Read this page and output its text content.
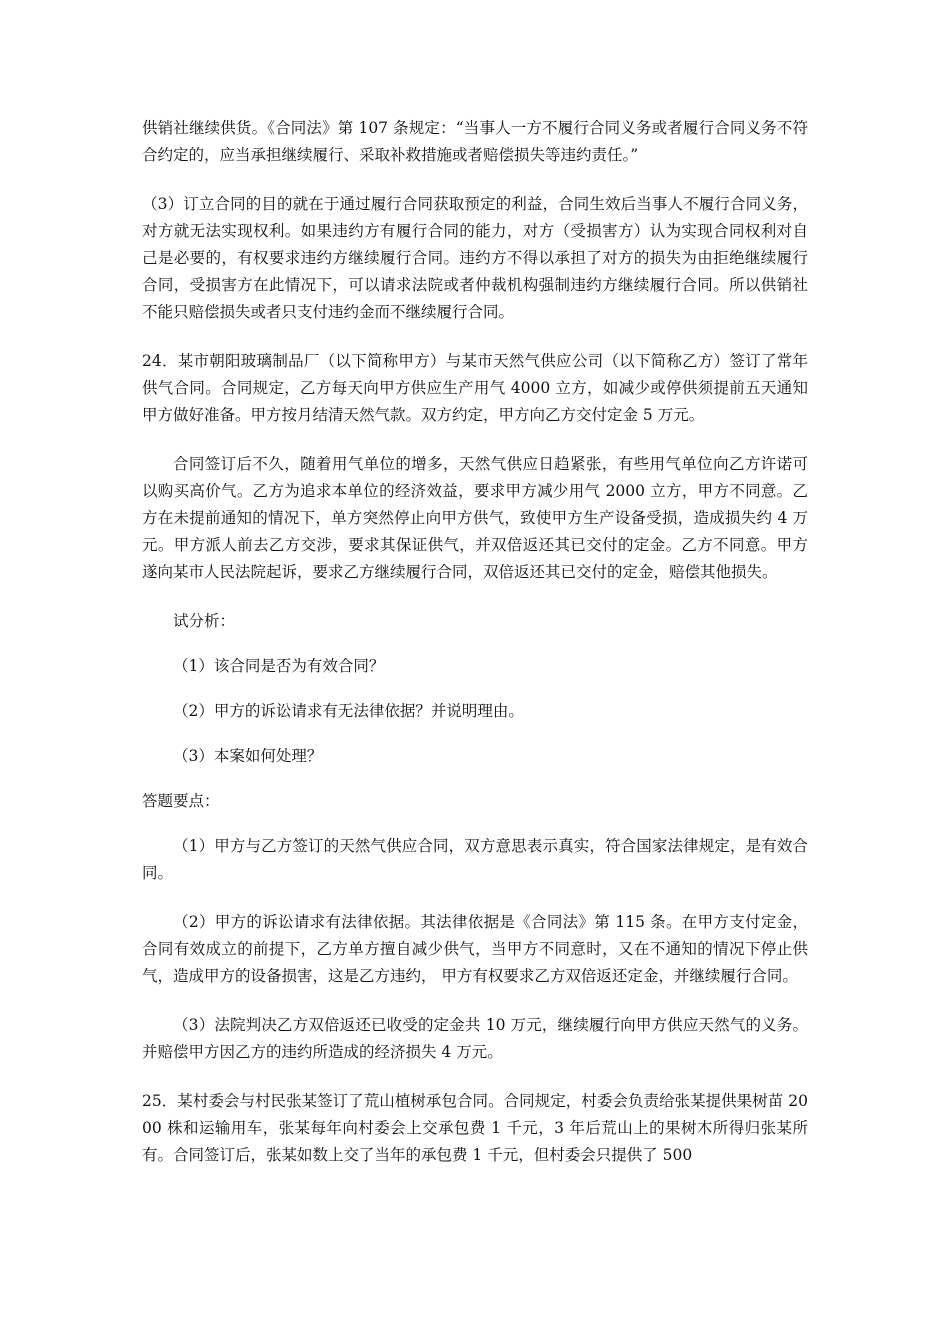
供销社继续供货。《合同法》第 107 条规定：“当事人一方不履行合同义务或者履行合同义务不符合约定的，应当承担继续履行、采取补救措施或者赔偿损失等违约责任。”

（3）订立合同的目的就在于通过履行合同获取预定的利益，合同生效后当事人不履行合同义务，对方就无法实现权利。如果违约方有履行合同的能力，对方（受损害方）认为实现合同权利对自己是必要的，有权要求违约方继续履行合同。违约方不得以承担了对方的损失为由拒绝继续履行合同，受损害方在此情况下，可以请求法院或者仲裁机构强制违约方继续履行合同。所以供销社不能只赔偿损失或者只支付违约金而不继续履行合同。

24．某市朝阳玻璃制品厂（以下简称甲方）与某市天然气供应公司（以下简称乙方）签订了常年供气合同。合同规定，乙方每天向甲方供应生产用气 4000 立方，如减少或停供须提前五天通知甲方做好准备。甲方按月结清天然气款。双方约定，甲方向乙方交付定金 5 万元。

合同签订后不久，随着用气单位的增多，天然气供应日趋紧张，有些用气单位向乙方许诺可以购买高价气。乙方为追求本单位的经济效益，要求甲方减少用气 2000 立方，甲方不同意。乙方在未提前通知的情况下，单方突然停止向甲方供气，致使甲方生产设备受损，造成损失约 4 万元。甲方派人前去乙方交涉，要求其保证供气，并双倍返还其已交付的定金。乙方不同意。甲方遂向某市人民法院起诉，要求乙方继续履行合同，双倍返还其已交付的定金，赔偿其他损失。

试分析：

（1）该合同是否为有效合同？

（2）甲方的诉讼请求有无法律依据？并说明理由。

（3）本案如何处理？

答题要点：

（1）甲方与乙方签订的天然气供应合同，双方意思表示真实，符合国家法律规定，是有效合同。

（2）甲方的诉讼请求有法律依据。其法律依据是《合同法》第 115 条。在甲方支付定金，合同有效成立的前提下，乙方单方擅自减少供气，当甲方不同意时，又在不通知的情况下停止供气，造成甲方的设备损害，这是乙方违约， 甲方有权要求乙方双倍返还定金，并继续履行合同。

（3）法院判决乙方双倍返还已收受的定金共 10 万元，继续履行向甲方供应天然气的义务。并赔偿甲方因乙方的违约所造成的经济损失 4 万元。

25．某村委会与村民张某签订了荒山植树承包合同。合同规定，村委会负责给张某提供果树苗 2000 株和运输用车，张某每年向村委会上交承包费 1 千元，3 年后荒山上的果树木所得归张某所有。合同签订后，张某如数上交了当年的承包费 1 千元，但村委会只提供了 500
